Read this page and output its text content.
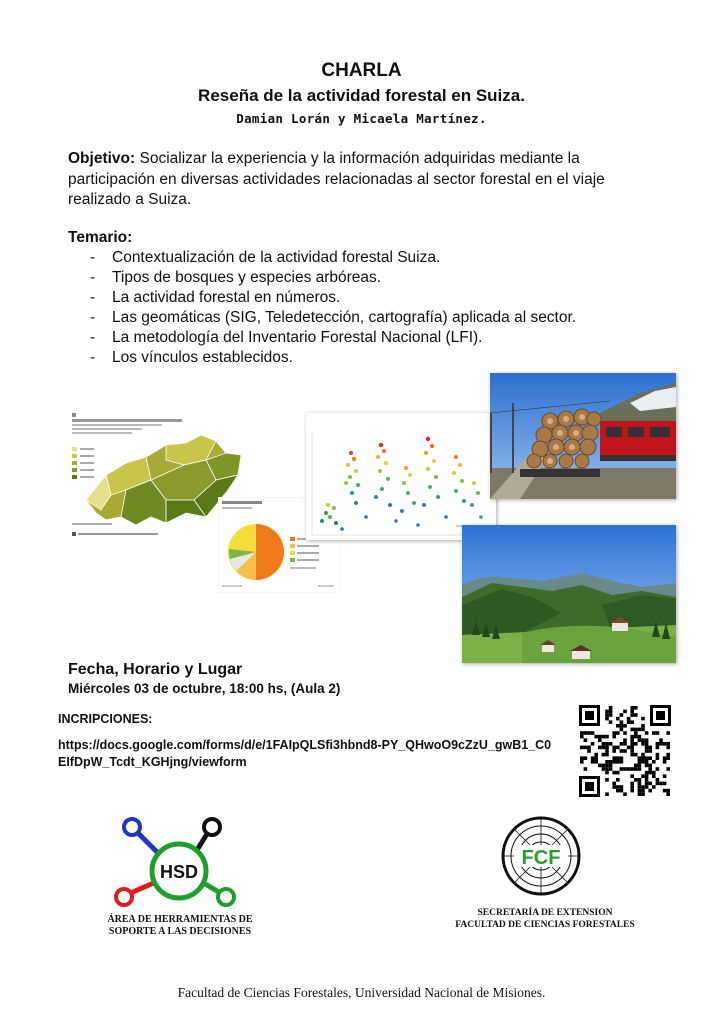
CHARLA
Reseña de la actividad forestal en Suiza.
Damian Lorán y Micaela Martínez.
Objetivo: Socializar la experiencia y la información adquiridas mediante la participación en diversas actividades relacionadas al sector forestal en el viaje realizado a Suiza.
Temario:
- Contextualización de la actividad forestal Suiza.
- Tipos de bosques y especies arbóreas.
- La actividad forestal en números.
- Las geomáticas (SIG, Teledetección, cartografía) aplicada al sector.
- La metodología del Inventario Forestal Nacional (LFI).
- Los vínculos establecidos.
Fecha, Horario y Lugar
Miércoles 03 de octubre, 18:00 hs, (Aula 2)
INCRIPCIONES:
https://docs.google.com/forms/d/e/1FAIpQLSfi3hbnd8-PY_QHwoO9cZzU_gwB1_C0EIfDpW_Tcdt_KGHjng/viewform
HSD
ÁREA DE HERRAMIENTAS DE
SOPORTE A LAS DECISIONES
FCF
SECRETARÍA DE EXTENSION
FACULTAD DE CIENCIAS FORESTALES
Facultad de Ciencias Forestales, Universidad Nacional de Misiones.
